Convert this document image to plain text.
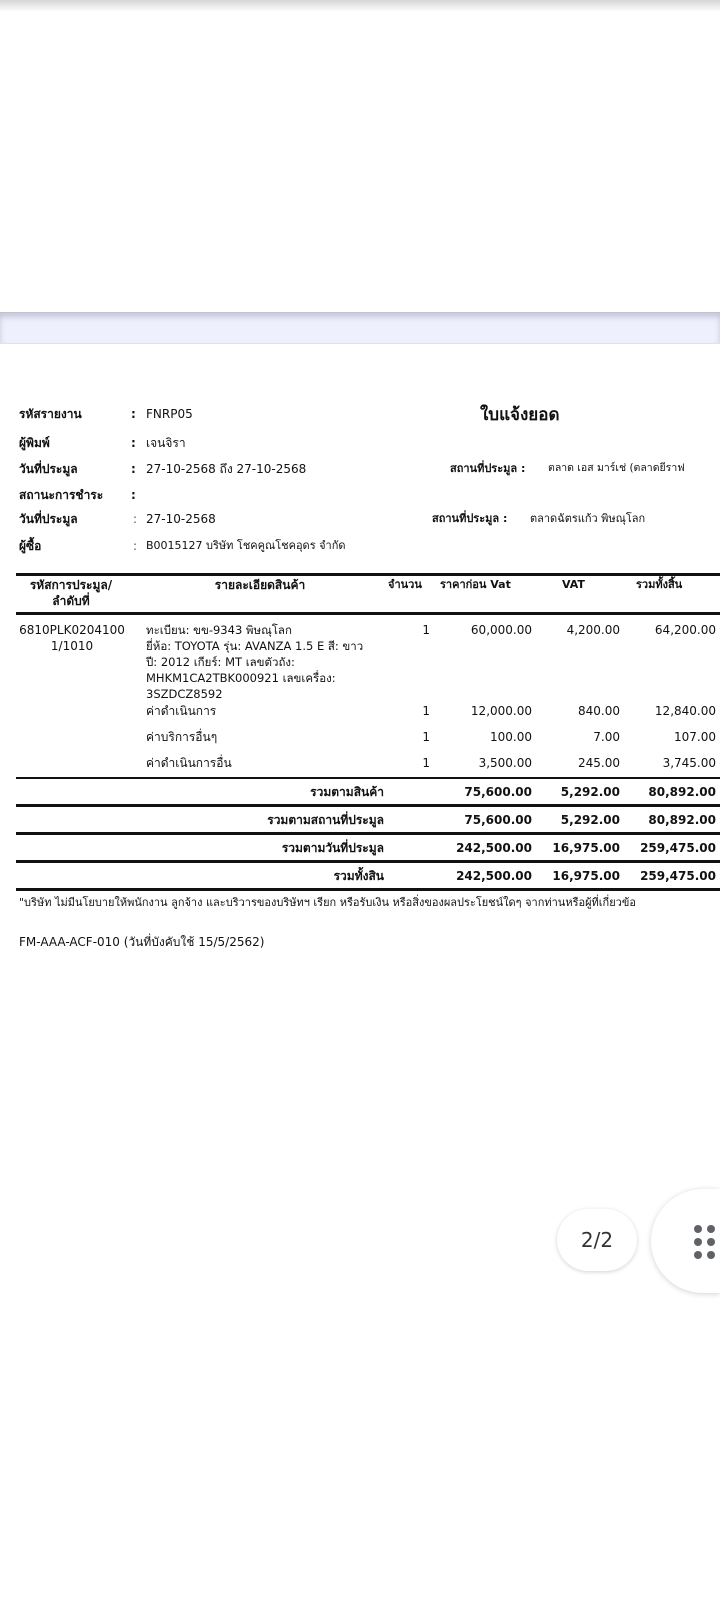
รหัสรายงาน	: FNRP05	ใบแจ้งยอด
ผู้พิมพ์	: เจนจิรา
วันที่ประมูล	: 27-10-2568 ถึง 27-10-2568	สถานที่ประมูล : ตลาด เอส มาร์เช่ (ตลาดยีราฟ
สถานะการชำระ :
วันที่ประมูล	: 27-10-2568	สถานที่ประมูล : ตลาดฉัตรแก้ว พิษณุโลก
ผู้ซื้อ	: B0015127 บริษัท โชคคูณโชคอุดร จำกัด
รหัสการประมูล/
ลำดับที่
รายละเอียดสินค้า	จำนวน ราคาก่อน Vat	VAT	รวมทั้งสิ้น
6810PLK0204100
1/1010
ทะเบียน: ขข-9343 พิษณุโลก
ยี่ห้อ: TOYOTA รุ่น: AVANZA 1.5 E สี: ขาว
ปี: 2012 เกียร์: MT เลขตัวถัง:
MHKM1CA2TBK000921 เลขเครื่อง:
3SZDCZ8592
1	60,000.00	4,200.00	64,200.00
ค่าดำเนินการ	1	12,000.00	840.00	12,840.00
ค่าบริการอื่นๆ	1	100.00	7.00	107.00
ค่าดำเนินการอื่น	1	3,500.00	245.00	3,745.00
รวมตามสินค้า	75,600.00	5,292.00	80,892.00
รวมตามสถานที่ประมูล	75,600.00	5,292.00	80,892.00
รวมตามวันที่ประมูล	242,500.00	16,975.00	259,475.00
รวมทั้งสิน	242,500.00	16,975.00	259,475.00
"บริษัท ไม่มีนโยบายให้พนักงาน ลูกจ้าง และบริวารของบริษัทฯ เรียก หรือรับเงิน หรือสิ่งของผลประโยชน์ใดๆ จากท่านหรือผู้ที่เกี่ยวข้อ
FM-AAA-ACF-010 (วันที่บังคับใช้ 15/5/2562)
2/2
